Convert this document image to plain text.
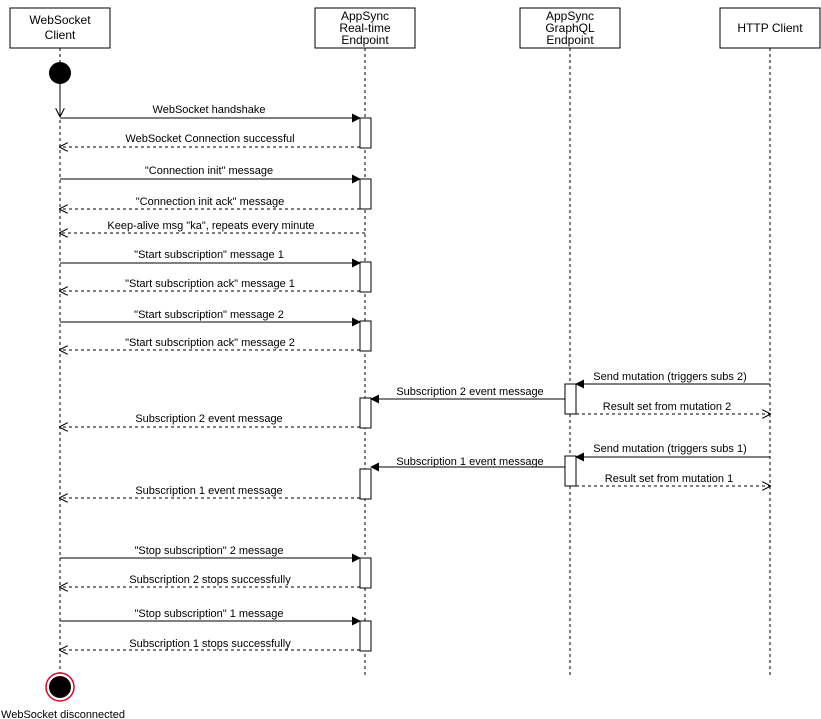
WebSocket
Client
AppSync
Real-time
Endpoint
AppSync
GraphQL
Endpoint
HTTP Client
WebSocket disconnected
WebSocket handshake
WebSocket Connection successful
"Connection init" message
"Connection init ack" message
Keep-alive msg "ka", repeats every minute
"Start subscription" message 1
"Start subscription ack" message 1
"Start subscription" message 2
"Start subscription ack" message 2
Send mutation (triggers subs 2)
Subscription 2 event message
Result set from mutation 2
Subscription 2 event message
Send mutation (triggers subs 1)
Subscription 1 event message
Result set from mutation 1
Subscription 1 event message
"Stop subscription" 2 message
Subscription 2 stops successfully
"Stop subscription" 1 message
Subscription 1 stops successfully
